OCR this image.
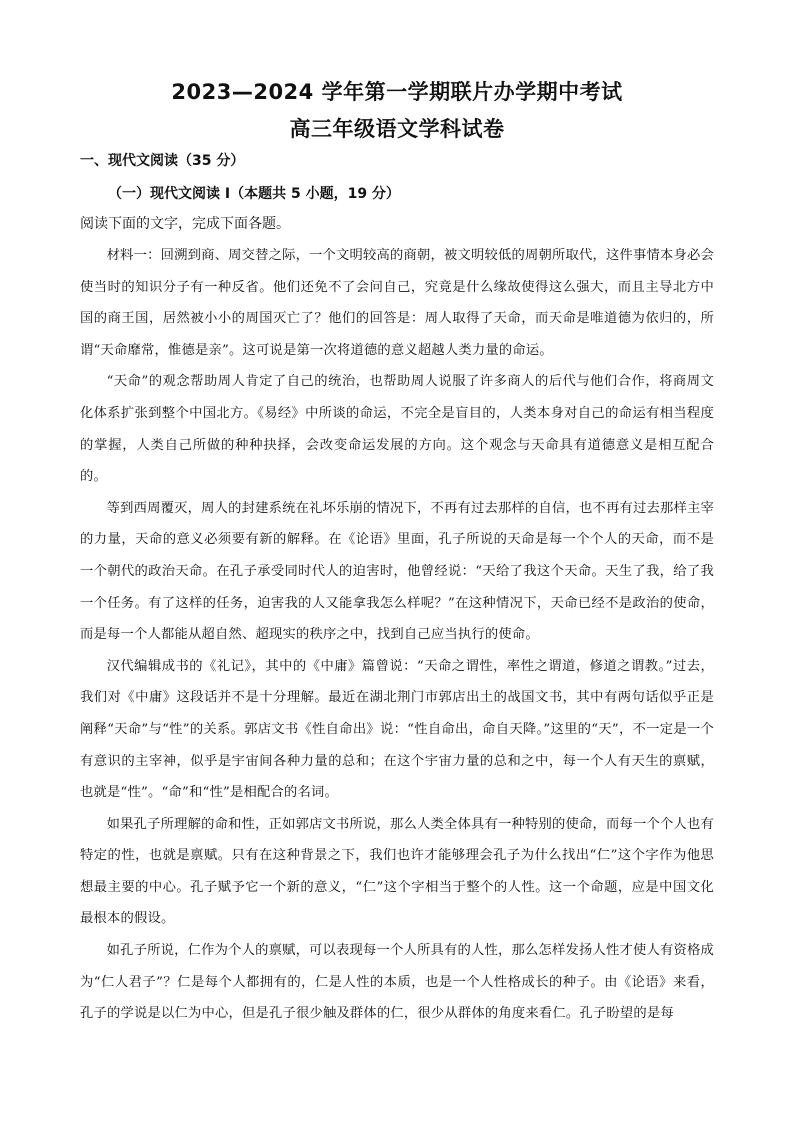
2023—2024 学年第一学期联片办学期中考试
高三年级语文学科试卷
一、现代文阅读（35 分）
（一）现代文阅读 I（本题共 5 小题，19 分）
阅读下面的文字，完成下面各题。

材料一：回溯到商、周交替之际，一个文明较高的商朝，被文明较低的周朝所取代，这件事情本身必会使当时的知识分子有一种反省。他们还免不了会问自己，究竟是什么缘故使得这么强大，而且主导北方中国的商王国，居然被小小的周国灭亡了？他们的回答是：周人取得了天命，而天命是唯道德为依归的，所谓“天命靡常，惟德是亲”。这可说是第一次将道德的意义超越人类力量的命运。

“天命”的观念帮助周人肯定了自己的统治，也帮助周人说服了许多商人的后代与他们合作，将商周文化体系扩张到整个中国北方。《易经》中所谈的命运，不完全是盲目的，人类本身对自己的命运有相当程度的掌握，人类自己所做的种种抉择，会改变命运发展的方向。这个观念与天命具有道德意义是相互配合的。

等到西周覆灭，周人的封建系统在礼坏乐崩的情况下，不再有过去那样的自信，也不再有过去那样主宰的力量，天命的意义必须要有新的解释。在《论语》里面，孔子所说的天命是每一个个人的天命，而不是一个朝代的政治天命。在孔子承受同时代人的迫害时，他曾经说：“天给了我这个天命。天生了我，给了我一个任务。有了这样的任务，迫害我的人又能拿我怎么样呢？”在这种情况下，天命已经不是政治的使命，而是每一个人都能从超自然、超现实的秩序之中，找到自己应当执行的使命。

汉代编辑成书的《礼记》，其中的《中庸》篇曾说：“天命之谓性，率性之谓道，修道之谓教。”过去，我们对《中庸》这段话并不是十分理解。最近在湖北荆门市郭店出土的战国文书，其中有两句话似乎正是阐释“天命”与“性”的关系。郭店文书《性自命出》说：“性自命出，命自天降。”这里的“天”，不一定是一个有意识的主宰神，似乎是宇宙间各种力量的总和；在这个宇宙力量的总和之中，每一个人有天生的禀赋，也就是“性”。“命”和“性”是相配合的名词。

如果孔子所理解的命和性，正如郭店文书所说，那么人类全体具有一种特别的使命，而每一个个人也有特定的性，也就是禀赋。只有在这种背景之下，我们也许才能够理会孔子为什么找出“仁”这个字作为他思想最主要的中心。孔子赋予它一个新的意义，“仁”这个字相当于整个的人性。这一个命题，应是中国文化最根本的假设。

如孔子所说，仁作为个人的禀赋，可以表现每一个人所具有的人性，那么怎样发扬人性才使人有资格成为“仁人君子”？仁是每个人都拥有的，仁是人性的本质，也是一个人性格成长的种子。由《论语》来看，孔子的学说是以仁为中心，但是孔子很少触及群体的仁，很少从群体的角度来看仁。孔子盼望的是每
